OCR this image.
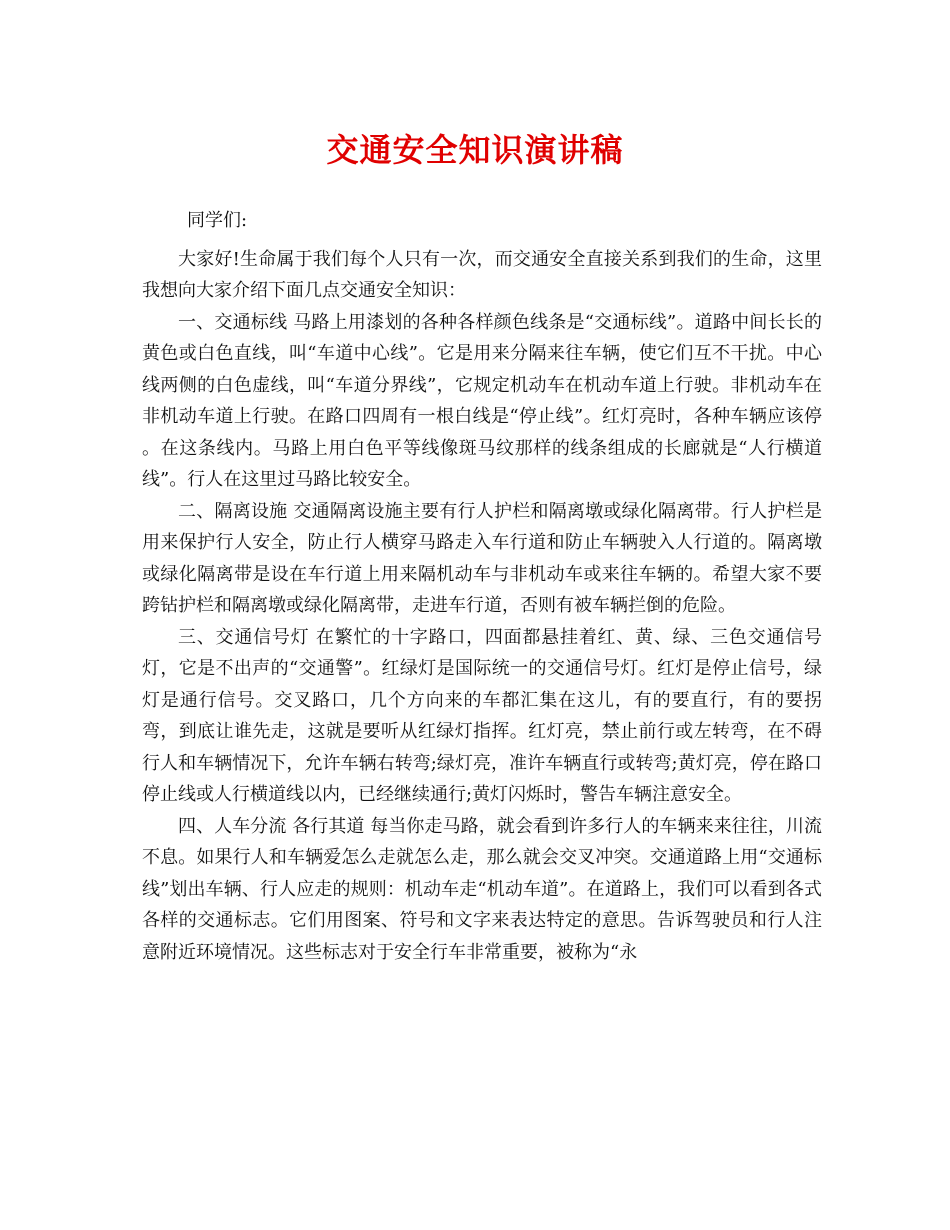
交通安全知识演讲稿

同学们:

大家好!生命属于我们每个人只有一次，而交通安全直接关系到我们的生命，这里我想向大家介绍下面几点交通安全知识：

一、交通标线 马路上用漆划的各种各样颜色线条是“交通标线”。道路中间长长的黄色或白色直线，叫“车道中心线”。它是用来分隔来往车辆，使它们互不干扰。中心线两侧的白色虚线，叫“车道分界线”，它规定机动车在机动车道上行驶。非机动车在非机动车道上行驶。在路口四周有一根白线是“停止线”。红灯亮时，各种车辆应该停 。在这条线内。马路上用白色平等线像斑马纹那样的线条组成的长廊就是“人行横道线”。行人在这里过马路比较安全。

二、隔离设施 交通隔离设施主要有行人护栏和隔离墩或绿化隔离带。行人护栏是用来保护行人安全，防止行人横穿马路走入车行道和防止车辆驶入人行道的。隔离墩或绿化隔离带是设在车行道上用来隔机动车与非机动车或来往车辆的。希望大家不要跨钻护栏和隔离墩或绿化隔离带，走进车行道，否则有被车辆拦倒的危险。

三、交通信号灯 在繁忙的十字路口，四面都悬挂着红、黄、绿、三色交通信号灯，它是不出声的“交通警”。红绿灯是国际统一的交通信号灯。红灯是停止信号，绿灯是通行信号。交叉路口，几个方向来的车都汇集在这儿，有的要直行，有的要拐弯，到底让谁先走，这就是要听从红绿灯指挥。红灯亮，禁止前行或左转弯，在不碍行人和车辆情况下，允许车辆右转弯;绿灯亮，准许车辆直行或转弯;黄灯亮，停在路口停止线或人行横道线以内，已经继续通行;黄灯闪烁时，警告车辆注意安全。

四、人车分流 各行其道 每当你走马路，就会看到许多行人的车辆来来往往，川流不息。如果行人和车辆爱怎么走就怎么走，那么就会交叉冲突。交通道路上用“交通标线”划出车辆、行人应走的规则：机动车走“机动车道”。在道路上，我们可以看到各式各样的交通标志。它们用图案、符号和文字来表达特定的意思。告诉驾驶员和行人注意附近环境情况。这些标志对于安全行车非常重要，被称为“永
